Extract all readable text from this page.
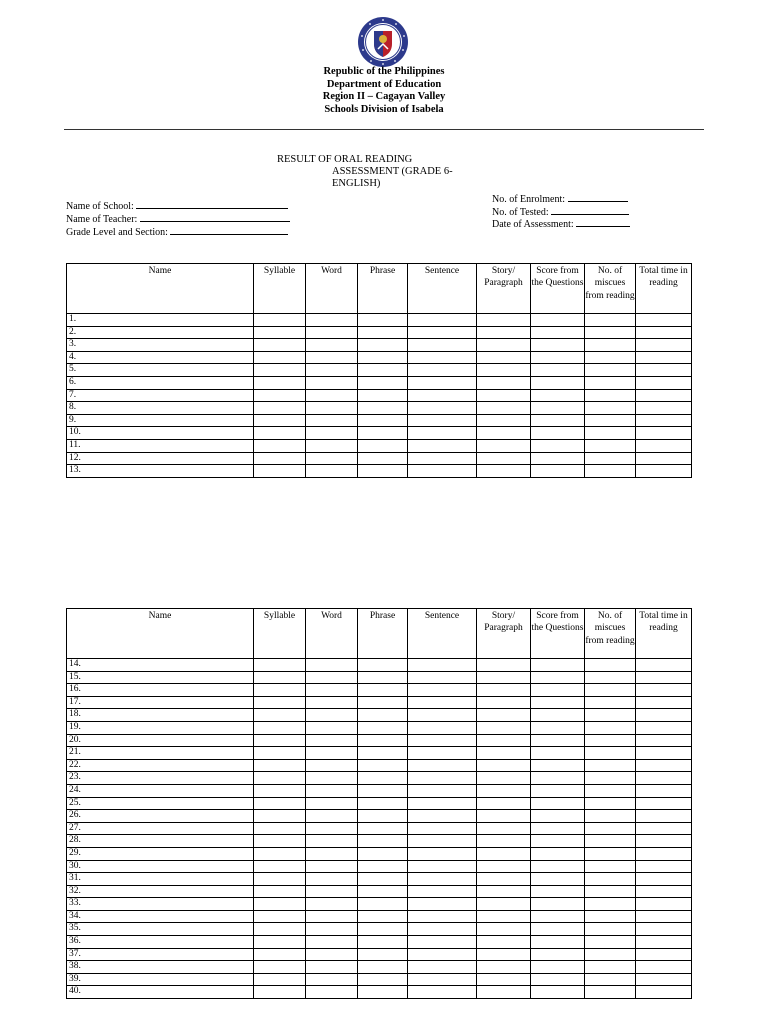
Republic of the Philippines
Department of Education
Region II – Cagayan Valley
Schools Division of Isabela
RESULT OF ORAL READING
ASSESSMENT (GRADE 6-
ENGLISH)
Name of School:
Name of Teacher:
Grade Level and Section:
No. of Enrolment:
No. of Tested:
Date of Assessment:
Name	Syllable	Word	Phrase	Sentence	Story/ Paragraph	Score from the Questions	No. of miscues from reading	Total time in reading
1.								
2.								
3.								
4.								
5.								
6.								
7.								
8.								
9.								
10.								
11.								
12.								
13.								
Name	Syllable	Word	Phrase	Sentence	Story/ Paragraph	Score from the Questions	No. of miscues from reading	Total time in reading
14.								
15.								
16.								
17.								
18.								
19.								
20.								
21.								
22.								
23.								
24.								
25.								
26.								
27.								
28.								
29.								
30.								
31.								
32.								
33.								
34.								
35.								
36.								
37.								
38.								
39.								
40.								
